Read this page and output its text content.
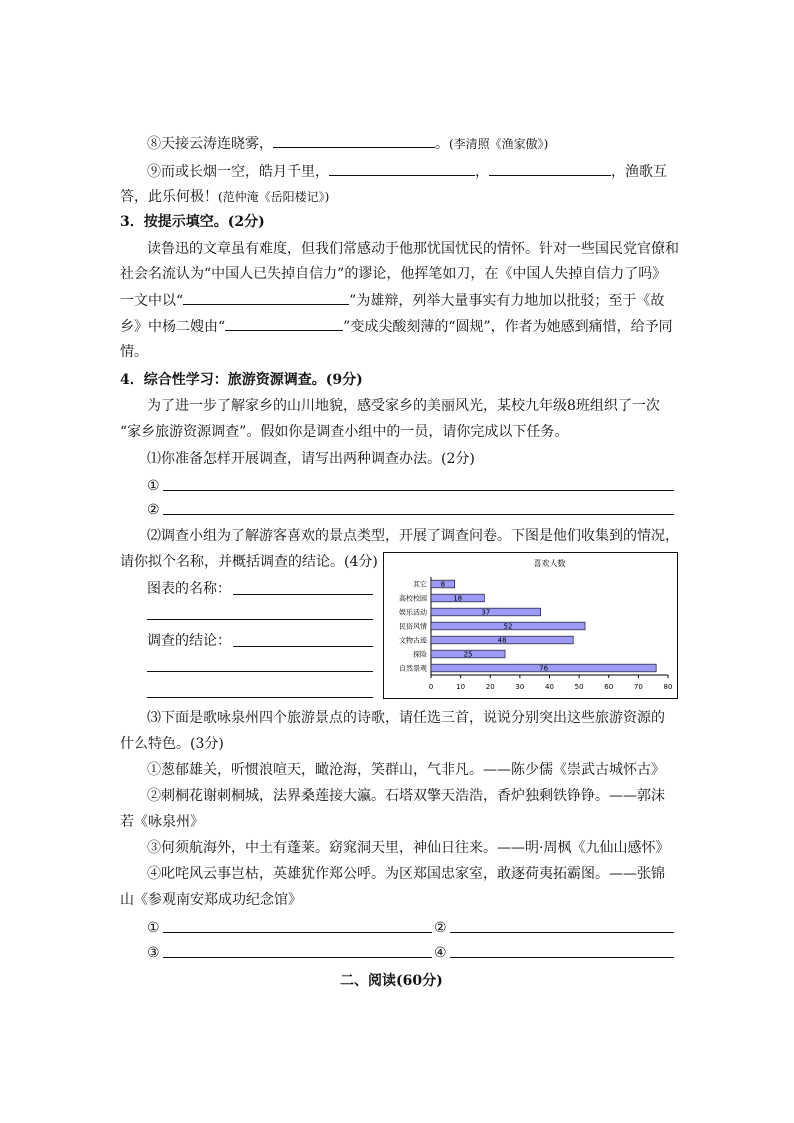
⑧天接云涛连晓雾，	。(李清照《渔家傲》)
⑨而或长烟一空，皓月千里，	，	，渔歌互
答，此乐何极！(范仲淹《岳阳楼记》)
3．按提示填空。(2分)
读鲁迅的文章虽有难度，但我们常感动于他那忧国忧民的情怀。针对一些国民党官僚和
社会名流认为“中国人已失掉自信力”的谬论，他挥笔如刀，在《中国人失掉自信力了吗》
一文中以“	”为雄辩，列举大量事实有力地加以批驳；至于《故
乡》中杨二嫂由“	”变成尖酸刻薄的“圆规”，作者为她感到痛惜，给予同
情。
4．综合性学习：旅游资源调查。(9分)
为了进一步了解家乡的山川地貌，感受家乡的美丽风光，某校九年级8班组织了一次
“家乡旅游资源调查”。假如你是调查小组中的一员，请你完成以下任务。
⑴你准备怎样开展调查，请写出两种调查办法。(2分)
①
②
⑵调查小组为了解游客喜欢的景点类型，开展了调查问卷。下图是他们收集到的情况，
请你拟个名称，并概括调查的结论。(4分)
图表的名称：
调查的结论：
喜欢人数
0	10	20	30	40	50	60	70	80
其它 8
高校校园	18
娱乐活动	37
民俗风情	52
文物古迹	48
探险	25
自然景观	76
⑶下面是歌咏泉州四个旅游景点的诗歌，请任选三首，说说分别突出这些旅游资源的
什么特色。(3分)
①葱郁雄关，听惯浪喧天，瞰沧海，笑群山，气非凡。——陈少儒《崇武古城怀古》
②刺桐花谢刺桐城，法界桑莲接大瀛。石塔双擎天浩浩，香炉独剩铁铮铮。——郭沫
若《咏泉州》
③何须航海外，中土有蓬莱。窈窕洞天里，神仙日往来。——明·周枫《九仙山感怀》
④叱咤风云事岂枯，英雄犹作郑公呼。为区郑国忠家室，敢逐荷夷拓霸图。——张锦
山《参观南安郑成功纪念馆》
①	②
③	④
二、阅读(60分)
